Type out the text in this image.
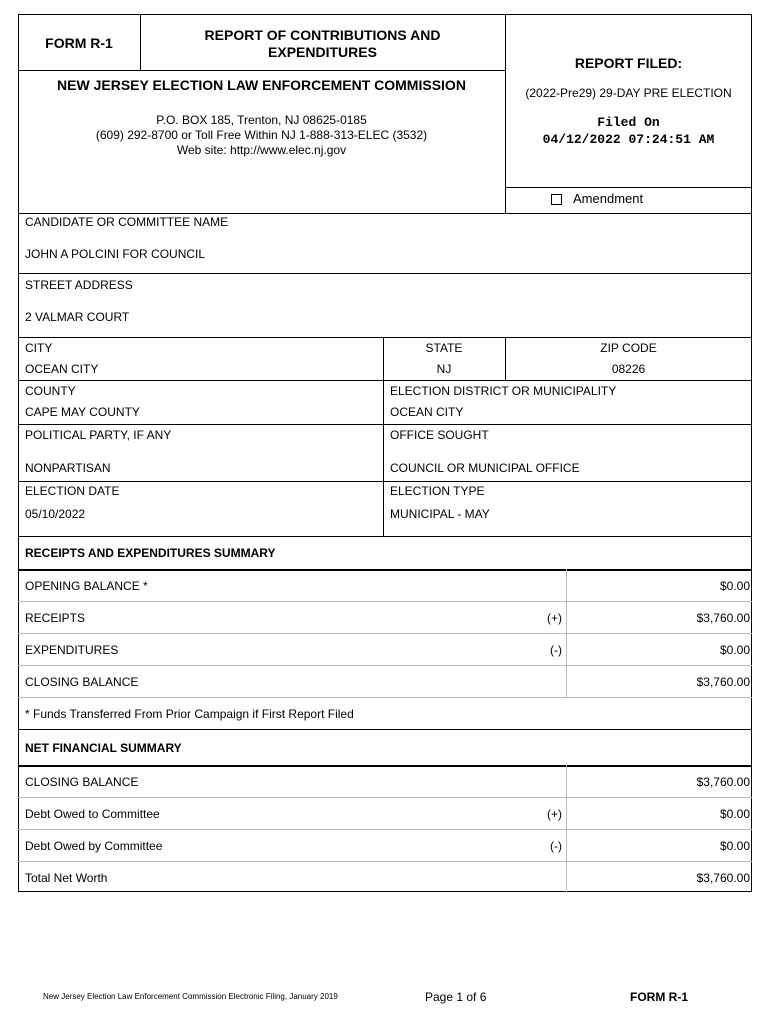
FORM R-1	REPORT OF CONTRIBUTIONS AND
EXPENDITURES
NEW JERSEY ELECTION LAW ENFORCEMENT COMMISSION
P.O. BOX 185, Trenton, NJ 08625-0185
(609) 292-8700 or Toll Free Within NJ 1-888-313-ELEC (3532)
Web site: http://www.elec.nj.gov
REPORT FILED:
(2022-Pre29) 29-DAY PRE ELECTION
Filed On
04/12/2022 07:24:51 AM
Amendment
CANDIDATE OR COMMITTEE NAME
JOHN A POLCINI FOR COUNCIL
STREET ADDRESS
2 VALMAR COURT
CITY
OCEAN CITY
STATE
NJ
ZIP CODE
08226
COUNTY
CAPE MAY COUNTY
ELECTION DISTRICT OR MUNICIPALITY
OCEAN CITY
POLITICAL PARTY, IF ANY
NONPARTISAN
OFFICE SOUGHT
COUNCIL OR MUNICIPAL OFFICE
ELECTION DATE
05/10/2022
ELECTION TYPE
MUNICIPAL - MAY
RECEIPTS AND EXPENDITURES SUMMARY
OPENING BALANCE *	$0.00
RECEIPTS	(+)	$3,760.00
EXPENDITURES	(-)	$0.00
CLOSING BALANCE	$3,760.00
* Funds Transferred From Prior Campaign if First Report Filed
NET FINANCIAL SUMMARY
CLOSING BALANCE	$3,760.00
Debt Owed to Committee	(+)	$0.00
Debt Owed by Committee	(-)	$0.00
Total Net Worth	$3,760.00
New Jersey Election Law Enforcement Commission Electronic Filing, January 2019	Page 1 of 6	FORM R-1
